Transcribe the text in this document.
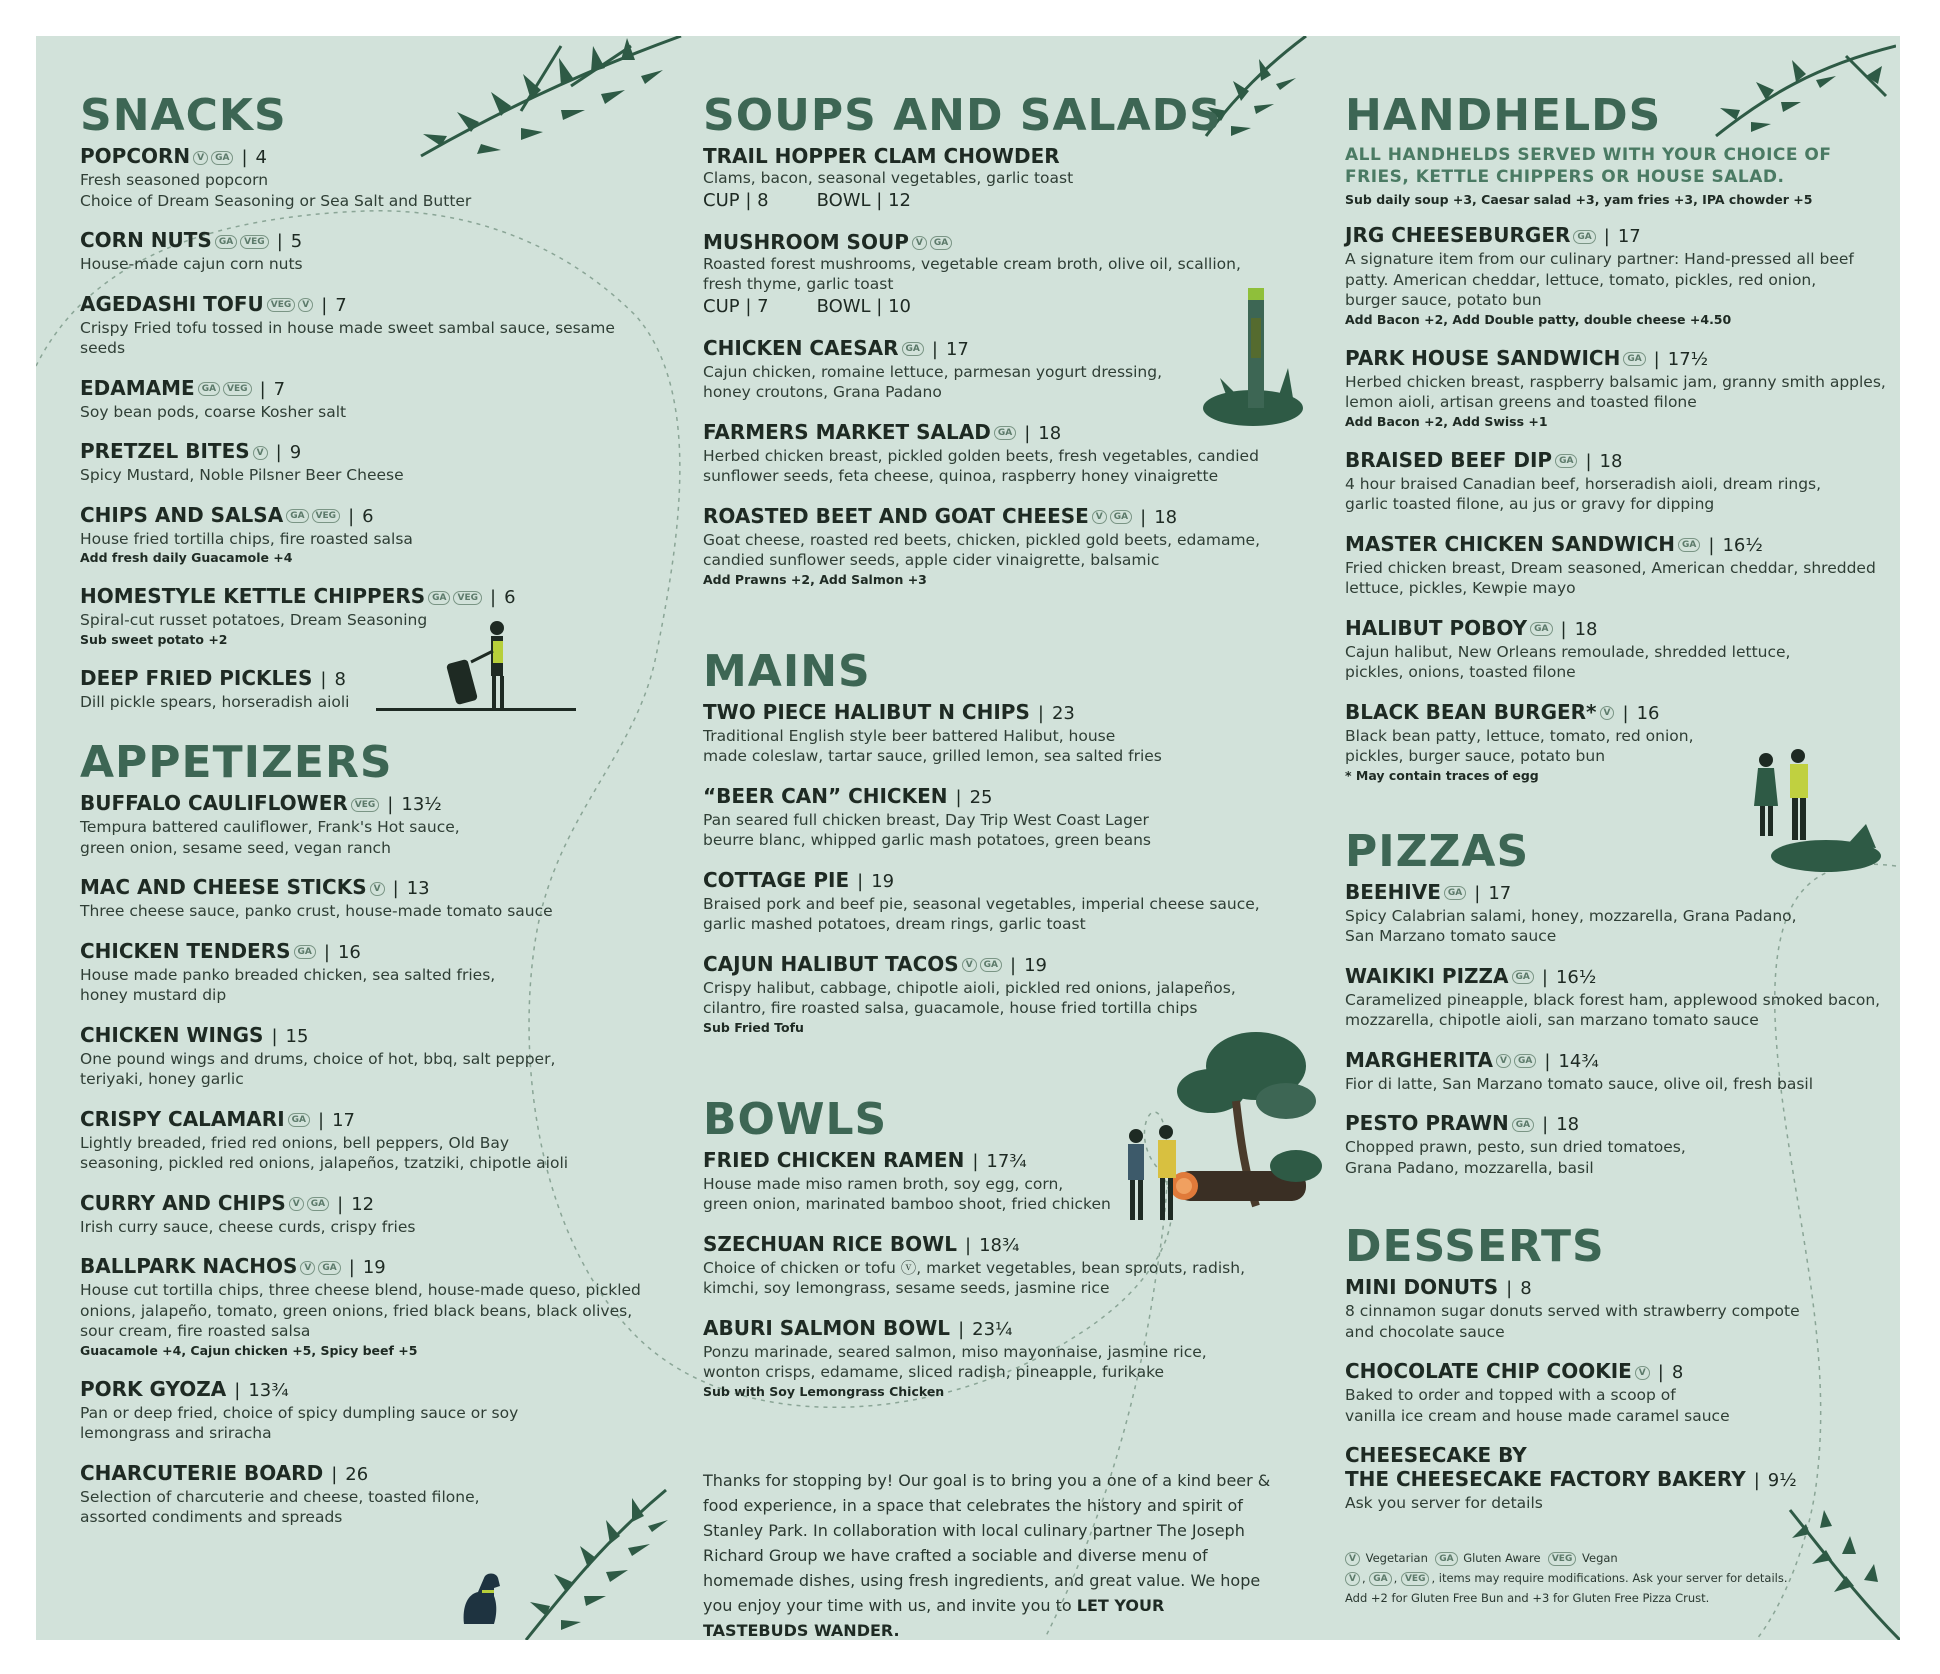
SNACKS
POPCORN V GA | 4
Fresh seasoned popcorn
Choice of Dream Seasoning or Sea Salt and Butter
CORN NUTS GA VEG | 5
House-made cajun corn nuts
AGEDASHI TOFU VEG V | 7
Crispy Fried tofu tossed in house made sweet sambal sauce, sesame seeds
EDAMAME GA VEG | 7
Soy bean pods, coarse Kosher salt
PRETZEL BITES V | 9
Spicy Mustard, Noble Pilsner Beer Cheese
CHIPS AND SALSA GA VEG | 6
House fried tortilla chips, fire roasted salsa
Add fresh daily Guacamole +4
HOMESTYLE KETTLE CHIPPERS GA VEG | 6
Spiral-cut russet potatoes, Dream Seasoning
Sub sweet potato +2
DEEP FRIED PICKLES | 8
Dill pickle spears, horseradish aioli
APPETIZERS
BUFFALO CAULIFLOWER VEG | 13½
Tempura battered cauliflower, Frank's Hot sauce,
green onion, sesame seed, vegan ranch
MAC AND CHEESE STICKS V | 13
Three cheese sauce, panko crust, house-made tomato sauce
CHICKEN TENDERS GA | 16
House made panko breaded chicken, sea salted fries,
honey mustard dip
CHICKEN WINGS | 15
One pound wings and drums, choice of hot, bbq, salt pepper,
teriyaki, honey garlic
CRISPY CALAMARI GA | 17
Lightly breaded, fried red onions, bell peppers, Old Bay
seasoning, pickled red onions, jalapeños, tzatziki, chipotle aioli
CURRY AND CHIPS V GA | 12
Irish curry sauce, cheese curds, crispy fries
BALLPARK NACHOS V GA | 19
House cut tortilla chips, three cheese blend, house-made queso, pickled onions, jalapeño, tomato, green onions, fried black beans, black olives,
sour cream, fire roasted salsa
Guacamole +4, Cajun chicken +5, Spicy beef +5
PORK GYOZA | 13¾
Pan or deep fried, choice of spicy dumpling sauce or soy
lemongrass and sriracha
CHARCUTERIE BOARD | 26
Selection of charcuterie and cheese, toasted filone,
assorted condiments and spreads
SOUPS AND SALADS
TRAIL HOPPER CLAM CHOWDER
Clams, bacon, seasonal vegetables, garlic toast
CUP | 8	BOWL | 12
MUSHROOM SOUP V GA
Roasted forest mushrooms, vegetable cream broth, olive oil, scallion,
fresh thyme, garlic toast
CUP | 7	BOWL | 10
CHICKEN CAESAR GA | 17
Cajun chicken, romaine lettuce, parmesan yogurt dressing,
honey croutons, Grana Padano
FARMERS MARKET SALAD GA | 18
Herbed chicken breast, pickled golden beets, fresh vegetables, candied
sunflower seeds, feta cheese, quinoa, raspberry honey vinaigrette
ROASTED BEET AND GOAT CHEESE V GA | 18
Goat cheese, roasted red beets, chicken, pickled gold beets, edamame,
candied sunflower seeds, apple cider vinaigrette, balsamic
Add Prawns +2, Add Salmon +3
MAINS
TWO PIECE HALIBUT N CHIPS | 23
Traditional English style beer battered Halibut, house
made coleslaw, tartar sauce, grilled lemon, sea salted fries
“BEER CAN” CHICKEN | 25
Pan seared full chicken breast, Day Trip West Coast Lager
beurre blanc, whipped garlic mash potatoes, green beans
COTTAGE PIE | 19
Braised pork and beef pie, seasonal vegetables, imperial cheese sauce,
garlic mashed potatoes, dream rings, garlic toast
CAJUN HALIBUT TACOS V GA | 19
Crispy halibut, cabbage, chipotle aioli, pickled red onions, jalapeños,
cilantro, fire roasted salsa, guacamole, house fried tortilla chips
Sub Fried Tofu
BOWLS
FRIED CHICKEN RAMEN | 17¾
House made miso ramen broth, soy egg, corn,
green onion, marinated bamboo shoot, fried chicken
SZECHUAN RICE BOWL | 18¾
Choice of chicken or tofu ⓥ, market vegetables, bean sprouts, radish,
kimchi, soy lemongrass, sesame seeds, jasmine rice
ABURI SALMON BOWL | 23¼
Ponzu marinade, seared salmon, miso mayonnaise, jasmine rice,
wonton crisps, edamame, sliced radish, pineapple, furikake
Sub with Soy Lemongrass Chicken
Thanks for stopping by! Our goal is to bring you a one of a kind beer & food experience, in a space that celebrates the history and spirit of Stanley Park. In collaboration with local culinary partner The Joseph Richard Group we have crafted a sociable and diverse menu of homemade dishes, using fresh ingredients, and great value. We hope you enjoy your time with us, and invite you to LET YOUR TASTEBUDS WANDER.
HANDHELDS
ALL HANDHELDS SERVED WITH YOUR CHOICE OF FRIES, KETTLE CHIPPERS OR HOUSE SALAD.
Sub daily soup +3, Caesar salad +3, yam fries +3, IPA chowder +5
JRG CHEESEBURGER GA | 17
A signature item from our culinary partner: Hand-pressed all beef patty. American cheddar, lettuce, tomato, pickles, red onion,
burger sauce, potato bun
Add Bacon +2, Add Double patty, double cheese +4.50
PARK HOUSE SANDWICH GA | 17½
Herbed chicken breast, raspberry balsamic jam, granny smith apples,
lemon aioli, artisan greens and toasted filone
Add Bacon +2, Add Swiss +1
BRAISED BEEF DIP GA | 18
4 hour braised Canadian beef, horseradish aioli, dream rings,
garlic toasted filone, au jus or gravy for dipping
MASTER CHICKEN SANDWICH GA | 16½
Fried chicken breast, Dream seasoned, American cheddar, shredded
lettuce, pickles, Kewpie mayo
HALIBUT POBOY GA | 18
Cajun halibut, New Orleans remoulade, shredded lettuce,
pickles, onions, toasted filone
BLACK BEAN BURGER* V | 16
Black bean patty, lettuce, tomato, red onion,
pickles, burger sauce, potato bun
* May contain traces of egg
PIZZAS
BEEHIVE GA | 17
Spicy Calabrian salami, honey, mozzarella, Grana Padano,
San Marzano tomato sauce
WAIKIKI PIZZA GA | 16½
Caramelized pineapple, black forest ham, applewood smoked bacon,
mozzarella, chipotle aioli, san marzano tomato sauce
MARGHERITA V GA | 14¾
Fior di latte, San Marzano tomato sauce, olive oil, fresh basil
PESTO PRAWN GA | 18
Chopped prawn, pesto, sun dried tomatoes,
Grana Padano, mozzarella, basil
DESSERTS
MINI DONUTS | 8
8 cinnamon sugar donuts served with strawberry compote
and chocolate sauce
CHOCOLATE CHIP COOKIE V | 8
Baked to order and topped with a scoop of
vanilla ice cream and house made caramel sauce
CHEESECAKE BY
THE CHEESECAKE FACTORY BAKERY | 9½
Ask you server for details
V Vegetarian GA Gluten Aware VEG Vegan
V , GA , VEG , items may require modifications. Ask your server for details.
Add +2 for Gluten Free Bun and +3 for Gluten Free Pizza Crust.
